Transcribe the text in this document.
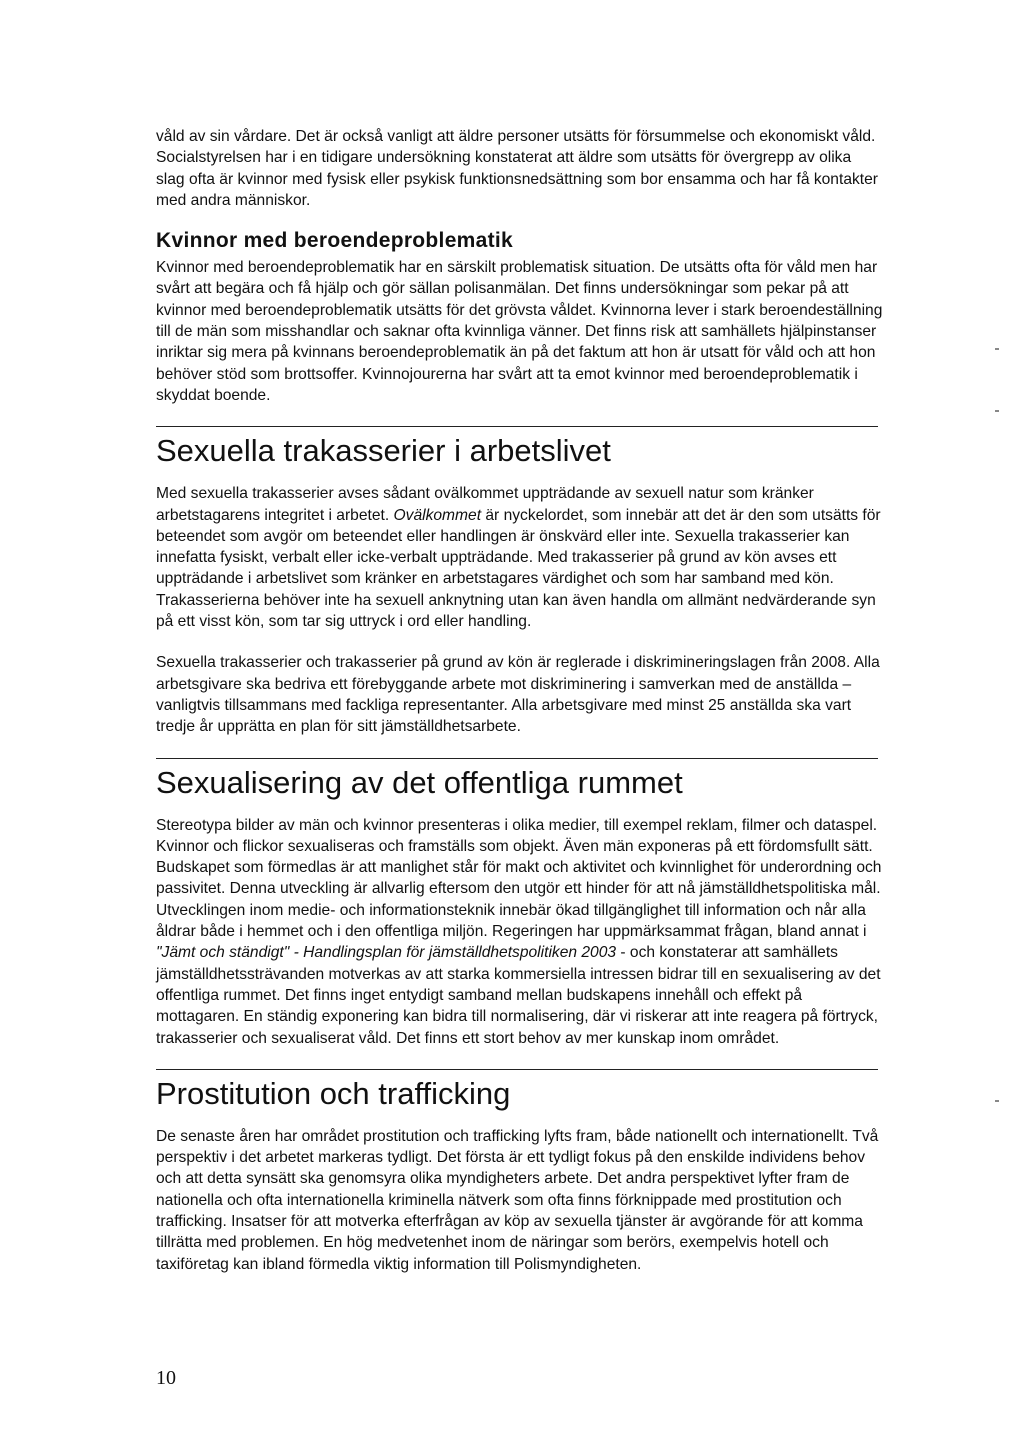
våld av sin vårdare. Det är också vanligt att äldre personer utsätts för försummelse och ekonomiskt våld. Socialstyrelsen har i en tidigare undersökning konstaterat att äldre som utsätts för övergrepp av olika slag ofta är kvinnor med fysisk eller psykisk funktionsnedsättning som bor ensamma och har få kontakter med andra människor.

Kvinnor med beroendeproblematik

Kvinnor med beroendeproblematik har en särskilt problematisk situation. De utsätts ofta för våld men har svårt att begära och få hjälp och gör sällan polisanmälan. Det finns undersökningar som pekar på att kvinnor med beroendeproblematik utsätts för det grövsta våldet. Kvinnorna lever i stark beroendeställning till de män som misshandlar och saknar ofta kvinnliga vänner. Det finns risk att samhällets hjälpinstanser inriktar sig mera på kvinnans beroendeproblematik än på det faktum att hon är utsatt för våld och att hon behöver stöd som brottsoffer. Kvinnojourerna har svårt att ta emot kvinnor med beroendeproblematik i skyddat boende.

Sexuella trakasserier i arbetslivet

Med sexuella trakasserier avses sådant ovälkommet uppträdande av sexuell natur som kränker arbetstagarens integritet i arbetet. Ovälkommet är nyckelordet, som innebär att det är den som utsätts för beteendet som avgör om beteendet eller handlingen är önskvärd eller inte. Sexuella trakasserier kan innefatta fysiskt, verbalt eller icke-verbalt uppträdande. Med trakasserier på grund av kön avses ett uppträdande i arbetslivet som kränker en arbetstagares värdighet och som har samband med kön. Trakasserierna behöver inte ha sexuell anknytning utan kan även handla om allmänt nedvärderande syn på ett visst kön, som tar sig uttryck i ord eller handling.

Sexuella trakasserier och trakasserier på grund av kön är reglerade i diskrimineringslagen från 2008. Alla arbetsgivare ska bedriva ett förebyggande arbete mot diskriminering i samverkan med de anställda – vanligtvis tillsammans med fackliga representanter. Alla arbetsgivare med minst 25 anställda ska vart tredje år upprätta en plan för sitt jämställdhetsarbete.

Sexualisering av det offentliga rummet

Stereotypa bilder av män och kvinnor presenteras i olika medier, till exempel reklam, filmer och dataspel. Kvinnor och flickor sexualiseras och framställs som objekt. Även män exponeras på ett fördomsfullt sätt. Budskapet som förmedlas är att manlighet står för makt och aktivitet och kvinnlighet för underordning och passivitet. Denna utveckling är allvarlig eftersom den utgör ett hinder för att nå jämställdhetspolitiska mål. Utvecklingen inom medie- och informationsteknik innebär ökad tillgänglighet till information och når alla åldrar både i hemmet och i den offentliga miljön. Regeringen har uppmärksammat frågan, bland annat i "Jämt och ständigt" - Handlingsplan för jämställdhetspolitiken 2003 - och konstaterar att samhällets jämställdhetssträvanden motverkas av att starka kommersiella intressen bidrar till en sexualisering av det offentliga rummet. Det finns inget entydigt samband mellan budskapens innehåll och effekt på mottagaren. En ständig exponering kan bidra till normalisering, där vi riskerar att inte reagera på förtryck, trakasserier och sexualiserat våld. Det finns ett stort behov av mer kunskap inom området.

Prostitution och trafficking

De senaste åren har området prostitution och trafficking lyfts fram, både nationellt och internationellt. Två perspektiv i det arbetet markeras tydligt. Det första är ett tydligt fokus på den enskilde individens behov och att detta synsätt ska genomsyra olika myndigheters arbete. Det andra perspektivet lyfter fram de nationella och ofta internationella kriminella nätverk som ofta finns förknippade med prostitution och trafficking. Insatser för att motverka efterfrågan av köp av sexuella tjänster är avgörande för att komma tillrätta med problemen. En hög medvetenhet inom de näringar som berörs, exempelvis hotell och taxiföretag kan ibland förmedla viktig information till Polismyndigheten.

10
